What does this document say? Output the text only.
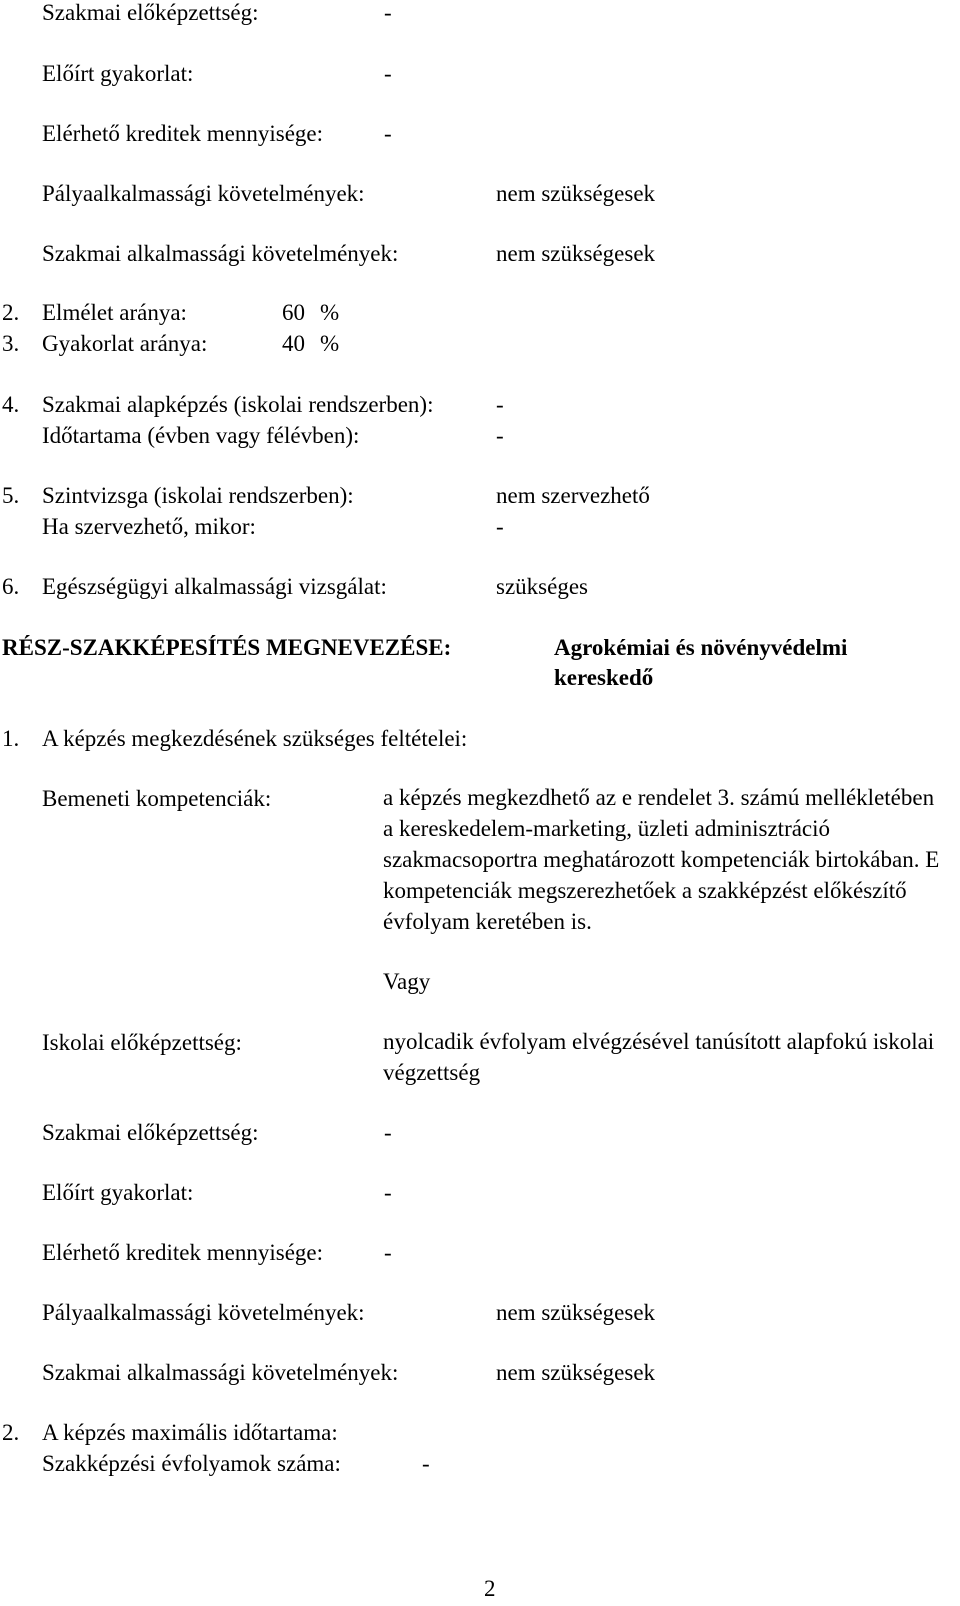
Szakmai előképzettség:	-
Előírt gyakorlat:	-
Elérhető kreditek mennyisége:	-
Pályaalkalmassági követelmények:	nem szükségesek
Szakmai alkalmassági követelmények:	nem szükségesek
2. Elmélet aránya:	60 %
3. Gyakorlat aránya:	40 %
4. Szakmai alapképzés (iskolai rendszerben):	-
Időtartama (évben vagy félévben):	-
5. Szintvizsga (iskolai rendszerben):	nem szervezhető
Ha szervezhető, mikor:	-
6. Egészségügyi alkalmassági vizsgálat:	szükséges
RÉSZ-SZAKKÉPESÍTÉS MEGNEVEZÉSE:	Agrokémiai és növényvédelmi
kereskedő
1. A képzés megkezdésének szükséges feltételei:
Bemeneti kompetenciák:	a képzés megkezdhető az e rendelet 3. számú mellékletében a kereskedelem-marketing, üzleti adminisztráció szakmacsoportra meghatározott kompetenciák birtokában. E kompetenciák megszerezhetőek a szakképzést előkészítő évfolyam keretében is.
Vagy
Iskolai előképzettség:	nyolcadik évfolyam elvégzésével tanúsított alapfokú iskolai végzettség
Szakmai előképzettség:	-
Előírt gyakorlat:	-
Elérhető kreditek mennyisége:	-
Pályaalkalmassági követelmények:	nem szükségesek
Szakmai alkalmassági követelmények:	nem szükségesek
2. A képzés maximális időtartama:
Szakképzési évfolyamok száma:	-
2
